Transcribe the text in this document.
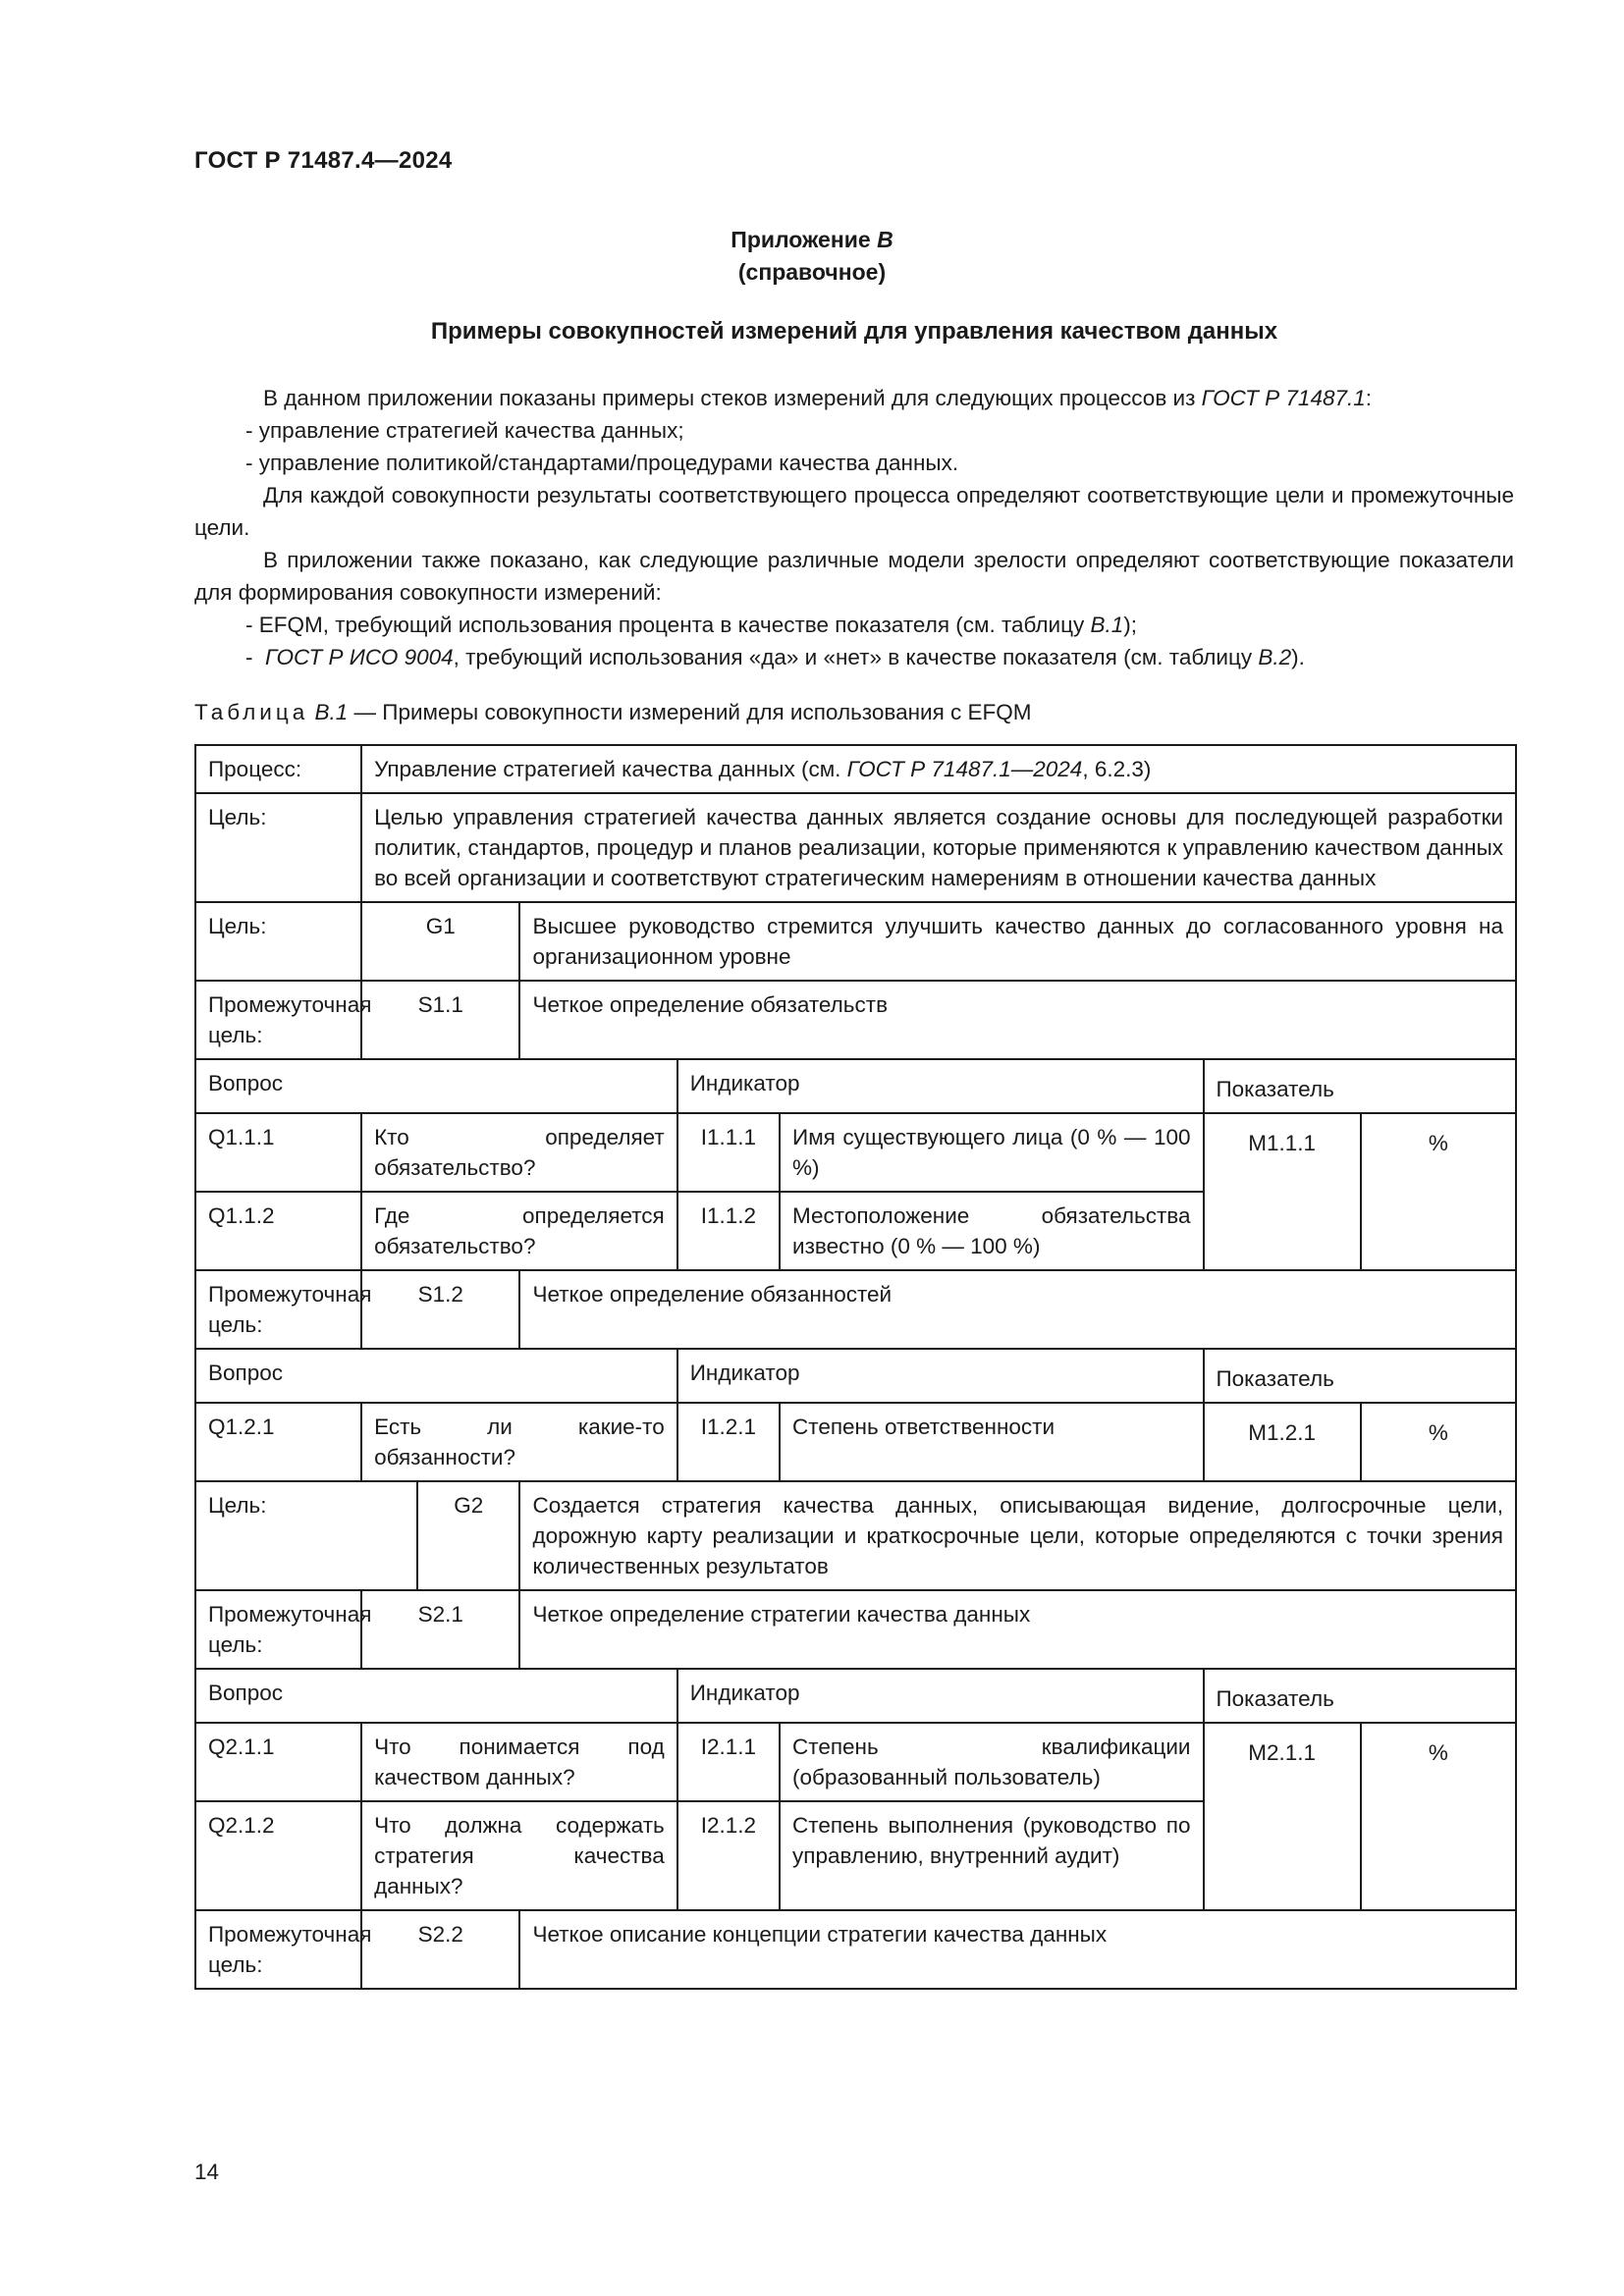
ГОСТ Р 71487.4—2024
Приложение В
(справочное)
Примеры совокупностей измерений для управления качеством данных

В данном приложении показаны примеры стеков измерений для следующих процессов из ГОСТ Р 71487.1:

- управление стратегией качества данных;

- управление политикой/стандартами/процедурами качества данных.

Для каждой совокупности результаты соответствующего процесса определяют соответствующие цели и промежуточные цели.

В приложении также показано, как следующие различные модели зрелости определяют соответствующие показатели для формирования совокупности измерений:

- EFQM, требующий использования процента в качестве показателя (см. таблицу В.1);

-  ГОСТ Р ИСО 9004, требующий использования «да» и «нет» в качестве показателя (см. таблицу В.2).

Таблица В.1 — Примеры совокупности измерений для использования с EFQM
Процесс:	Управление стратегией качества данных (см. ГОСТ Р 71487.1—2024, 6.2.3)						
Цель:	Целью управления стратегией качества данных является создание основы для последующей разработки политик, стандартов, процедур и планов реализации, которые применяются к управлению качеством данных во всей организации и соответствуют стратегическим намерениям в отношении качества данных						
Цель:	G1		Высшее руководство стремится улучшить качество данных до согласованного уровня на организационном уровне				
Промежуточная цель:	S1.1		Четкое определение обязательств				
Вопрос				Индикатор		Показатель	
Q1.1.1	Кто определяет обязательство?			I1.1.1	Имя существующего лица (0 % — 100 %)	M1.1.1	%
Q1.1.2	Где определяется обязательство?			I1.1.2	Местоположение обязательства известно (0 % — 100 %)		
Промежуточная цель:	S1.2		Четкое определение обязанностей				
Вопрос				Индикатор		Показатель	
Q1.2.1	Есть ли какие-то обязанности?			I1.2.1	Степень ответственности	M1.2.1	%
Цель:		G2	Создается стратегия качества данных, описывающая видение, долгосрочные цели, дорожную карту реализации и краткосрочные цели, которые определяются с точки зрения количественных результатов				
Промежуточная цель:	S2.1		Четкое определение стратегии качества данных				
Вопрос				Индикатор		Показатель	
Q2.1.1	Что понимается под качеством данных?			I2.1.1	Степень квалификации (образованный пользователь)	M2.1.1	%
Q2.1.2	Что должна содержать стратегия качества данных?			I2.1.2	Степень выполнения (руководство по управлению, внутренний аудит)		
Промежуточная цель:	S2.2		Четкое описание концепции стратегии качества данных				
14
